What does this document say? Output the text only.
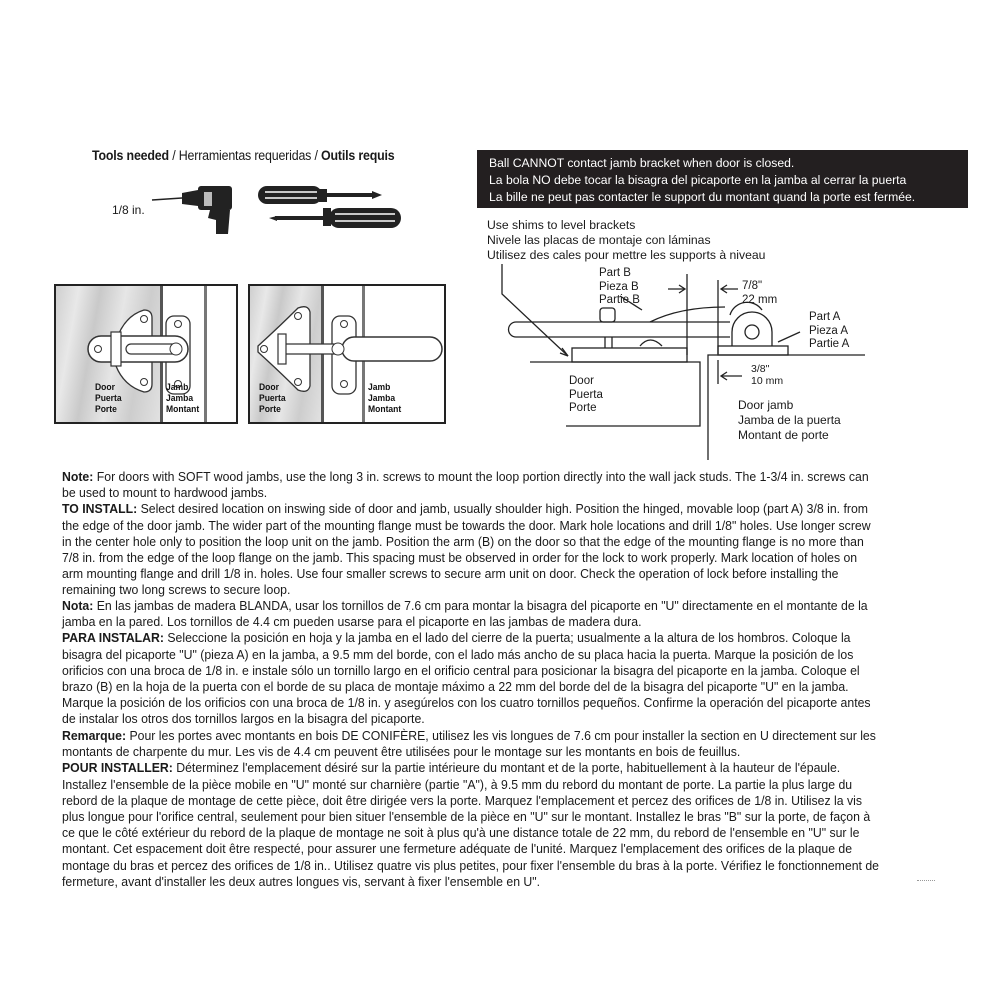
Tools needed / Herramientas requeridas / Outils requis
1/8 in.
Door
Puerta
Porte
Jamb
Jamba
Montant
Door
Puerta
Porte
Jamb
Jamba
Montant
Ball CANNOT contact jamb bracket when door is closed.
La bola NO debe tocar la bisagra del picaporte en la jamba al cerrar la puerta
La bille ne peut pas contacter le support du montant quand la porte est fermée.
Use shims to level brackets
Nivele las placas de montaje con láminas
Utilisez des cales pour mettre les supports à niveau
Part B
Pieza B
Partie B
7/8"
22 mm
Part A
Pieza A
Partie A
3/8"
10 mm
Door
Puerta
Porte	Door jamb
Jamba de la puerta
Montant de porte

Note: For doors with SOFT wood jambs, use the long 3 in. screws to mount the loop portion directly into the wall jack studs. The 1-3/4 in. screws can be used to mount to hardwood jambs.

TO INSTALL: Select desired location on inswing side of door and jamb, usually shoulder high. Position the hinged, movable loop (part A) 3/8 in. from the edge of the door jamb. The wider part of the mounting flange must be towards the door. Mark hole locations and drill 1/8" holes. Use longer screw in the center hole only to position the loop unit on the jamb. Position the arm (B) on the door so that the edge of the mounting flange is no more than 7/8 in. from the edge of the loop flange on the jamb. This spacing must be observed in order for the lock to work properly. Mark location of holes on arm mounting flange and drill 1/8 in. holes. Use four smaller screws to secure arm unit on door. Check the operation of lock before installing the remaining two long screws to secure loop.

Nota: En las jambas de madera BLANDA, usar los tornillos de 7.6 cm para montar la bisagra del picaporte en "U" directamente en el montante de la jamba en la pared. Los tornillos de 4.4 cm pueden usarse para el picaporte en las jambas de madera dura.

PARA INSTALAR: Seleccione la posición en hoja y la jamba en el lado del cierre de la puerta; usualmente a la altura de los hombros. Coloque la bisagra del picaporte "U" (pieza A) en la jamba, a 9.5 mm del borde, con el lado más ancho de su placa hacia la puerta. Marque la posición de los orificios con una broca de 1/8 in. e instale sólo un tornillo largo en el orificio central para posicionar la bisagra del picaporte en la jamba. Coloque el brazo (B) en la hoja de la puerta con el borde de su placa de montaje máximo a 22 mm del borde del de la bisagra del picaporte "U" en la jamba. Marque la posición de los orificios con una broca de 1/8 in. y asegúrelos con los cuatro tornillos pequeños. Confirme la operación del picaporte antes de instalar los otros dos tornillos largos en la bisagra del picaporte.

Remarque: Pour les portes avec montants en bois DE CONIFÈRE, utilisez les vis longues de 7.6 cm pour installer la section en U directement sur les montants de charpente du mur. Les vis de 4.4 cm peuvent être utilisées pour le montage sur les montants en bois de feuillus.

POUR INSTALLER: Déterminez l'emplacement désiré sur la partie intérieure du montant et de la porte, habituellement à la hauteur de l'épaule. Installez l'ensemble de la pièce mobile en "U" monté sur charnière (partie "A"), à 9.5 mm du rebord du montant de porte. La partie la plus large du rebord de la plaque de montage de cette pièce, doit être dirigée vers la porte. Marquez l'emplacement et percez des orifices de 1/8 in. Utilisez la vis plus longue pour l'orifice central, seulement pour bien situer l'ensemble de la pièce en "U" sur le montant. Installez le bras "B" sur la porte, de façon à ce que le côté extérieur du rebord de la plaque de montage ne soit à plus qu'à une distance totale de 22 mm, du rebord de l'ensemble en "U" sur le montant. Cet espacement doit être respecté, pour assurer une fermeture adéquate de l'unité. Marquez l'emplacement des orifices de la plaque de montage du bras et percez des orifices de 1/8 in.. Utilisez quatre vis plus petites, pour fixer l'ensemble du bras à la porte. Vérifiez le fonctionnement de fermeture, avant d'installer les deux autres longues vis, servant à fixer l'ensemble en U".
